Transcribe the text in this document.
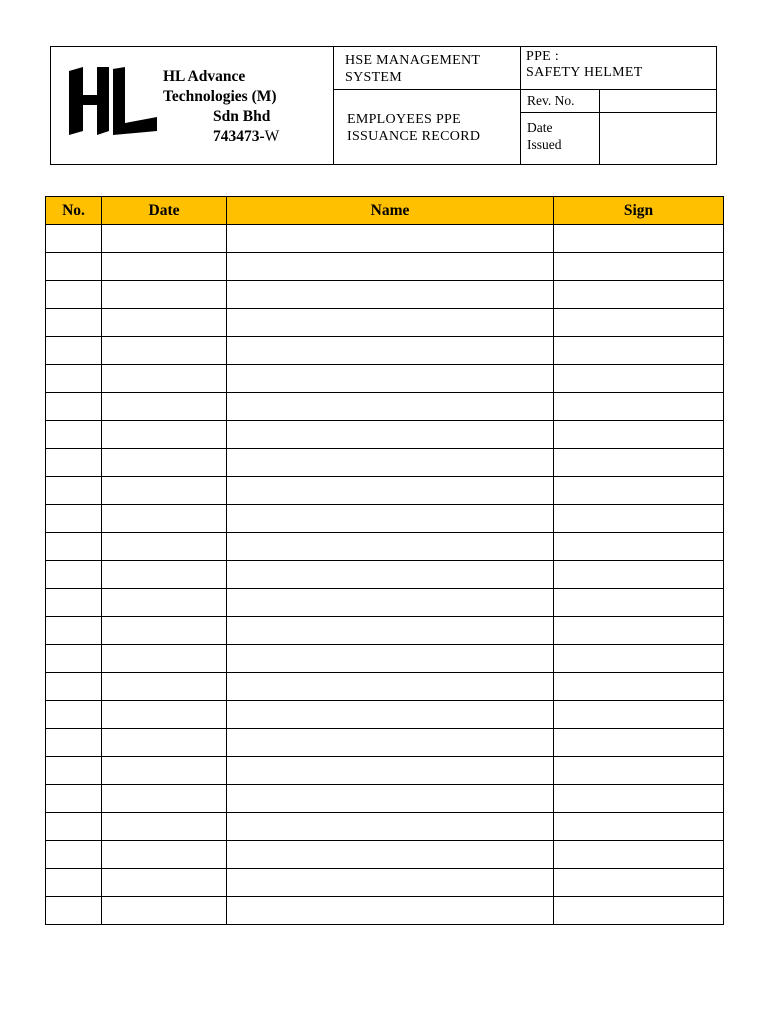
HL Advance
Technologies (M)
Sdn Bhd
743473-W
HSE MANAGEMENT
SYSTEM
EMPLOYEES PPE
ISSUANCE RECORD
PPE :
SAFETY HELMET
Rev. No.
Date
Issued
No.	Date	Name	Sign
